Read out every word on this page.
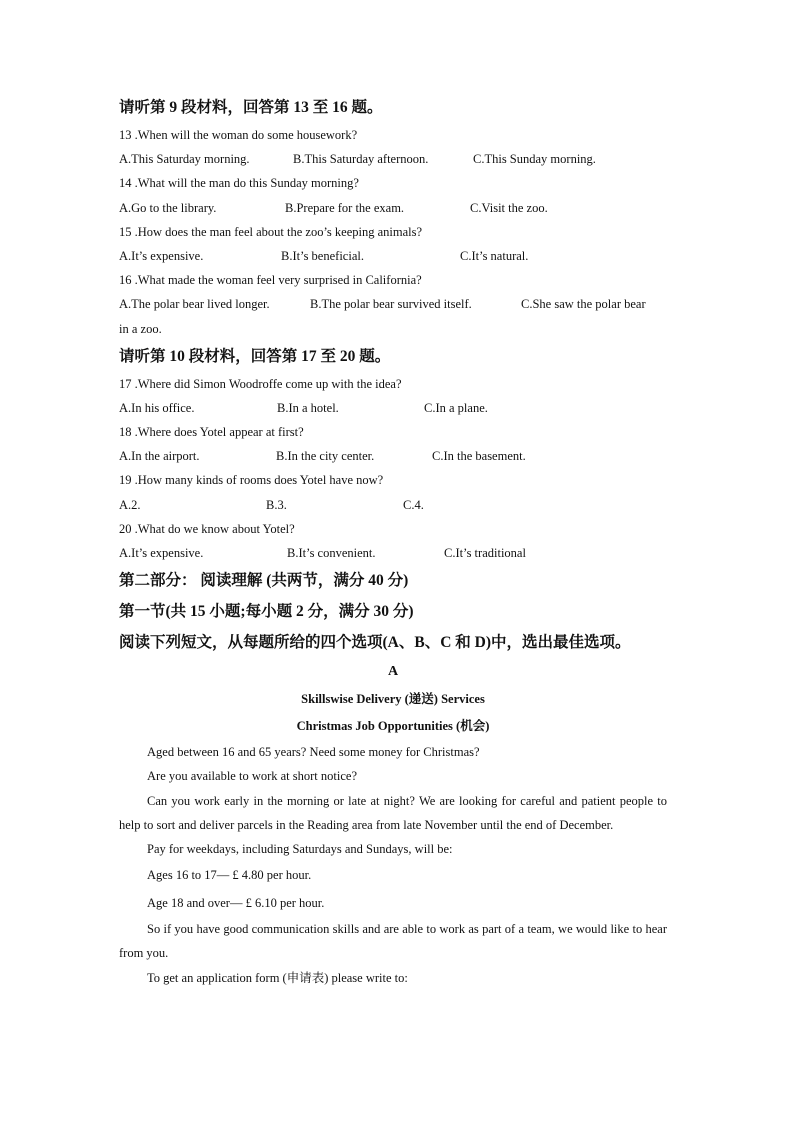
请听第 9 段材料，回答第 13 至 16 题。
13 .When will the woman do some housework?
A.This Saturday morning.	B.This Saturday afternoon.	C.This Sunday morning.
14 .What will the man do this Sunday morning?
A.Go to the library.	B.Prepare for the exam.	C.Visit the zoo.
15 .How does the man feel about the zoo’s keeping animals?
A.It’s expensive.	B.It’s beneficial.	C.It’s natural.
16 .What made the woman feel very surprised in California?
A.The polar bear lived longer.	B.The polar bear survived itself.	C.She saw the polar bear
in a zoo.
请听第 10 段材料，回答第 17 至 20 题。
17 .Where did Simon Woodroffe come up with the idea?
A.In his office.	B.In a hotel.	C.In a plane.
18 .Where does Yotel appear at first?
A.In the airport.	B.In the city center.	C.In the basement.
19 .How many kinds of rooms does Yotel have now?
A.2.	B.3.	C.4.
20 .What do we know about Yotel?
A.It’s expensive.	B.It’s convenient.	C.It’s traditional
第二部分： 阅读理解 (共两节，满分 40 分)
第一节(共 15 小题;每小题 2 分，满分 30 分)
阅读下列短文，从每题所给的四个选项(A、B、C 和 D)中，选出最佳选项。
A
Skillswise Delivery (递送) Services
Christmas Job Opportunities (机会)
Aged between 16 and 65 years? Need some money for Christmas?
Are you available to work at short notice?

Can you work early in the morning or late at night? We are looking for careful and patient people to help to sort and deliver parcels in the Reading area from late November until the end of December.

Pay for weekdays, including Saturdays and Sundays, will be:
Ages 16 to 17— £ 4.80 per hour.
Age 18 and over— £ 6.10 per hour.

So if you have good communication skills and are able to work as part of a team, we would like to hear from you.

To get an application form (申请表) please write to:
